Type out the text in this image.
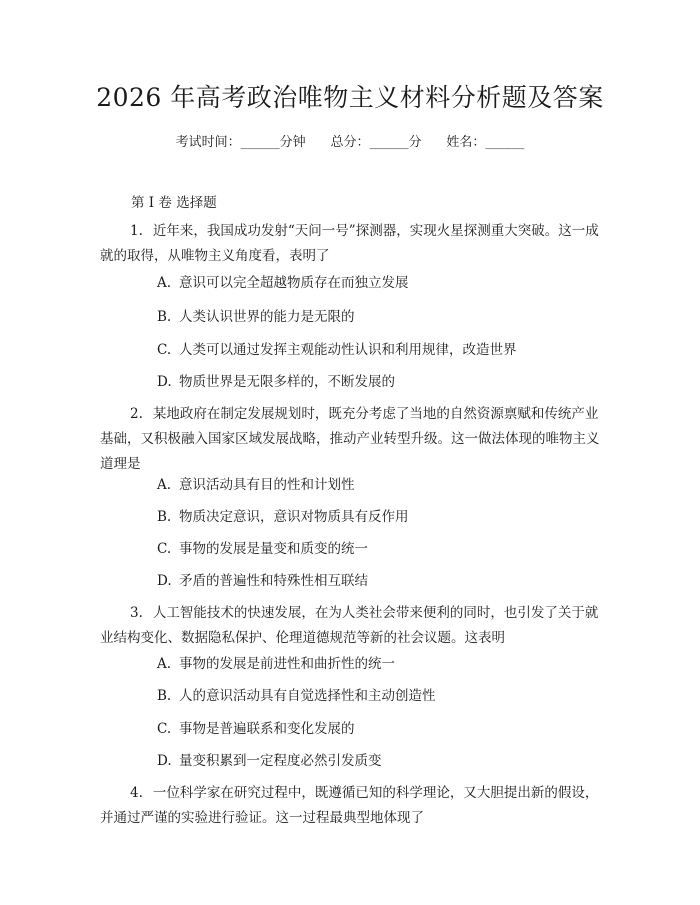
2026 年高考政治唯物主义材料分析题及答案
考试时间：______分钟 总分：______分 姓名：______
第 I 卷 选择题

1. 近年来，我国成功发射“天问一号”探测器，实现火星探测重大突破。这一成就的取得，从唯物主义角度看，表明了

A. 意识可以完全超越物质存在而独立发展
B. 人类认识世界的能力是无限的
C. 人类可以通过发挥主观能动性认识和利用规律，改造世界
D. 物质世界是无限多样的，不断发展的

2. 某地政府在制定发展规划时，既充分考虑了当地的自然资源禀赋和传统产业基础，又积极融入国家区域发展战略，推动产业转型升级。这一做法体现的唯物主义道理是

A. 意识活动具有目的性和计划性
B. 物质决定意识，意识对物质具有反作用
C. 事物的发展是量变和质变的统一
D. 矛盾的普遍性和特殊性相互联结

3. 人工智能技术的快速发展，在为人类社会带来便利的同时，也引发了关于就业结构变化、数据隐私保护、伦理道德规范等新的社会议题。这表明

A. 事物的发展是前进性和曲折性的统一
B. 人的意识活动具有自觉选择性和主动创造性
C. 事物是普遍联系和变化发展的
D. 量变积累到一定程度必然引发质变

4. 一位科学家在研究过程中，既遵循已知的科学理论，又大胆提出新的假设，并通过严谨的实验进行验证。这一过程最典型地体现了
